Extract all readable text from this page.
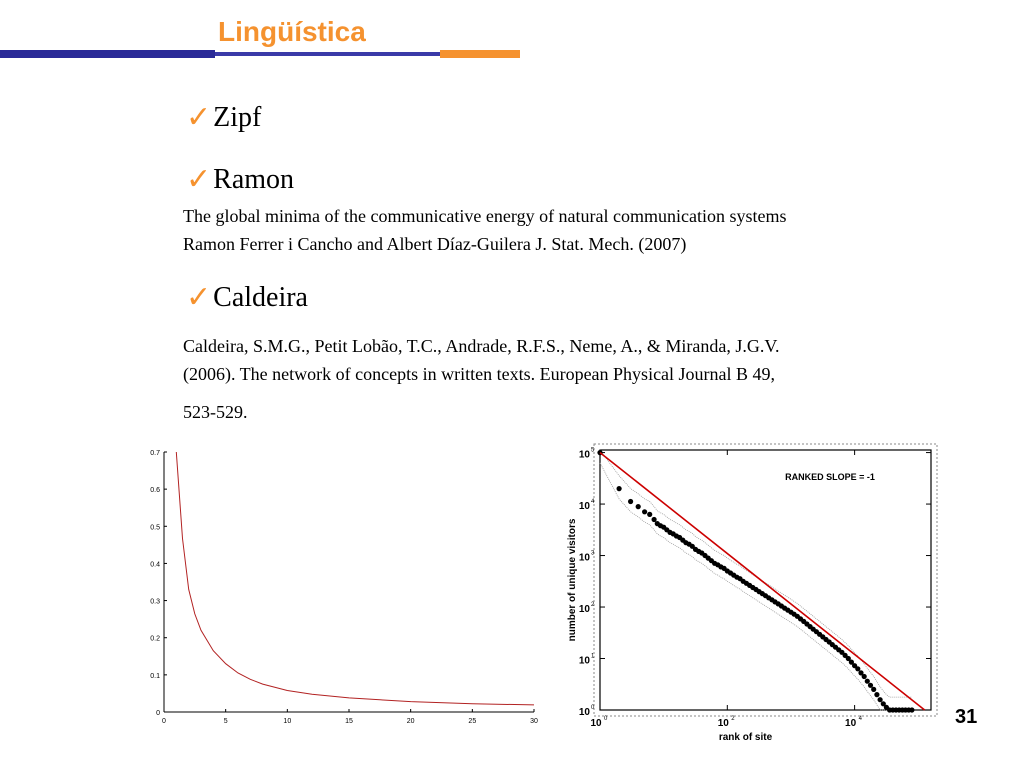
Lingüística
✓ Zipf
✓ Ramon
The global minima of the communicative energy of natural communication systems
Ramon Ferrer i Cancho and Albert Díaz-Guilera J. Stat. Mech. (2007)
✓ Caldeira
Caldeira, S.M.G., Petit Lobão, T.C., Andrade, R.F.S., Neme, A., & Miranda, J.G.V.
(2006). The network of concepts in written texts. European Physical Journal B 49,
523-529.
0
0.1
0.2
0.3
0.4
0.5
0.6
0.7
0	5	10	15	20	25	30
10 0
10 1
10 2
10 3
10 4
10 5
10 0	10 2	10 4
RANKED SLOPE = -1
rank of site
number of unique visitors
31
